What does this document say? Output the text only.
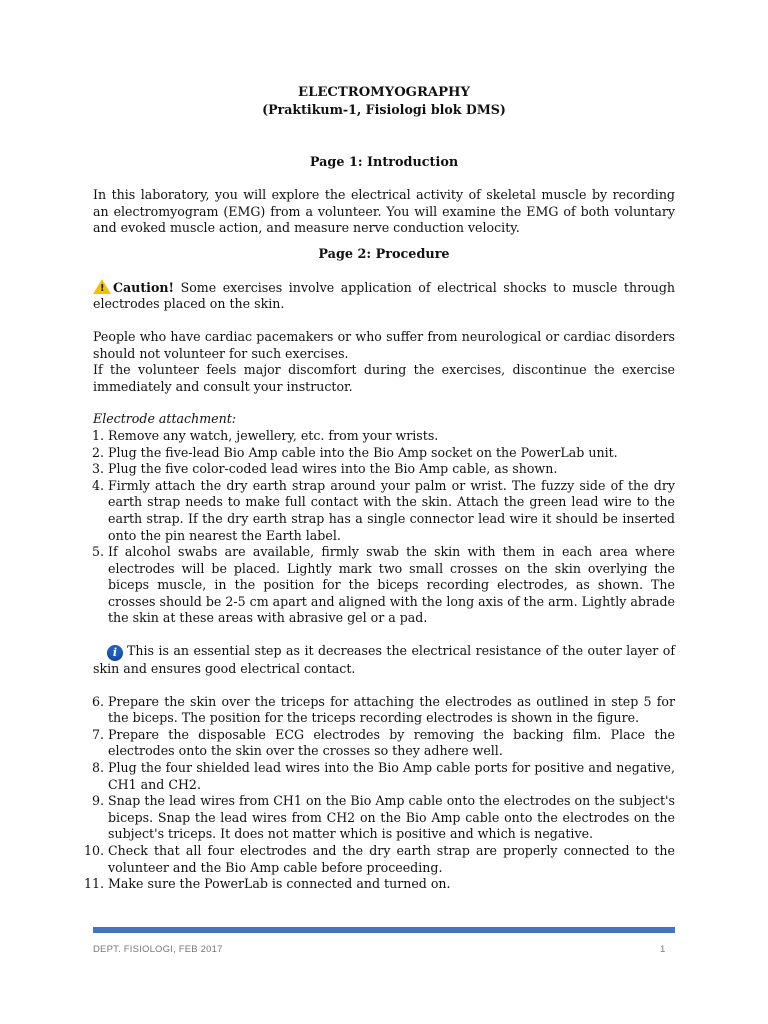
ELECTROMYOGRAPHY
(Praktikum-1, Fisiologi blok DMS)
Page 1: Introduction

In this laboratory, you will explore the electrical activity of skeletal muscle by recording an electromyogram (EMG) from a volunteer. You will examine the EMG of both voluntary and evoked muscle action, and measure nerve conduction velocity.

Page 2: Procedure

!Caution! Some exercises involve application of electrical shocks to muscle through electrodes placed on the skin.

People who have cardiac pacemakers or who suffer from neurological or cardiac disorders should not volunteer for such exercises.

If the volunteer feels major discomfort during the exercises, discontinue the exercise immediately and consult your instructor.

Electrode attachment:
1. Remove any watch, jewellery, etc. from your wrists.
2. Plug the five-lead Bio Amp cable into the Bio Amp socket on the PowerLab unit.
3. Plug the five color-coded lead wires into the Bio Amp cable, as shown.
4. Firmly attach the dry earth strap around your palm or wrist. The fuzzy side of the dry earth strap needs to make full contact with the skin. Attach the green lead wire to the earth strap. If the dry earth strap has a single connector lead wire it should be inserted onto the pin nearest the Earth label.
5. If alcohol swabs are available, firmly swab the skin with them in each area where electrodes will be placed. Lightly mark two small crosses on the skin overlying the biceps muscle, in the position for the biceps recording electrodes, as shown. The crosses should be 2-5 cm apart and aligned with the long axis of the arm. Lightly abrade the skin at these areas with abrasive gel or a pad.

i This is an essential step as it decreases the electrical resistance of the outer layer of skin and ensures good electrical contact.

6. Prepare the skin over the triceps for attaching the electrodes as outlined in step 5 for the biceps. The position for the triceps recording electrodes is shown in the figure.
7. Prepare the disposable ECG electrodes by removing the backing film. Place the electrodes onto the skin over the crosses so they adhere well.
8. Plug the four shielded lead wires into the Bio Amp cable ports for positive and negative, CH1 and CH2.
9. Snap the lead wires from CH1 on the Bio Amp cable onto the electrodes on the subject's biceps. Snap the lead wires from CH2 on the Bio Amp cable onto the electrodes on the subject's triceps. It does not matter which is positive and which is negative.
10. Check that all four electrodes and the dry earth strap are properly connected to the volunteer and the Bio Amp cable before proceeding.
11. Make sure the PowerLab is connected and turned on.
DEPT. FISIOLOGI, FEB 2017	1
